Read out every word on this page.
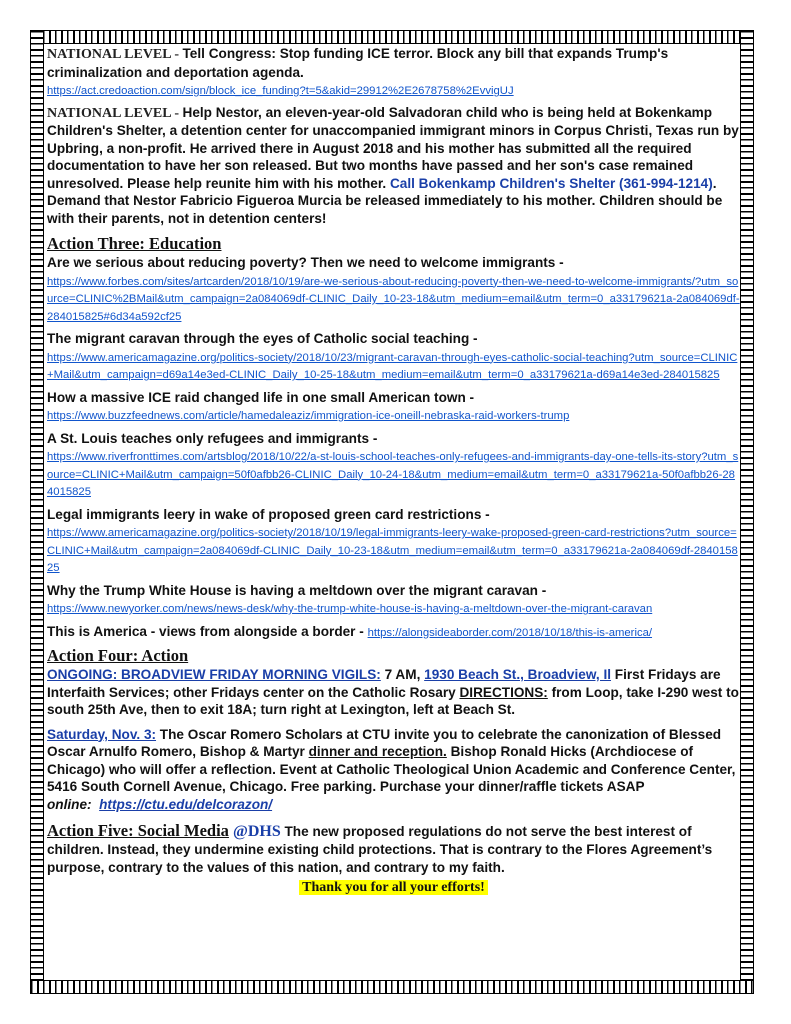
NATIONAL LEVEL - Tell Congress: Stop funding ICE terror. Block any bill that expands Trump's criminalization and deportation agenda.
https://act.credoaction.com/sign/block_ice_funding?t=5&akid=29912%2E2678758%2EvvigUJ
NATIONAL LEVEL - Help Nestor, an eleven-year-old Salvadoran child who is being held at Bokenkamp Children's Shelter, a detention center for unaccompanied immigrant minors in Corpus Christi, Texas run by Upbring, a non-profit. He arrived there in August 2018 and his mother has submitted all the required documentation to have her son released. But two months have passed and her son's case remained unresolved. Please help reunite him with his mother. Call Bokenkamp Children's Shelter (361-994-1214). Demand that Nestor Fabricio Figueroa Murcia be released immediately to his mother. Children should be with their parents, not in detention centers!
Action Three: Education
Are we serious about reducing poverty? Then we need to welcome immigrants -
https://www.forbes.com/sites/artcarden/2018/10/19/are-we-serious-about-reducing-poverty-then-we-need-to-welcome-immigrants/?utm_source=CLINIC%2BMail&utm_campaign=2a084069df-CLINIC_Daily_10-23-18&utm_medium=email&utm_term=0_a33179621a-2a084069df-284015825#6d34a592cf25
The migrant caravan through the eyes of Catholic social teaching -
https://www.americamagazine.org/politics-society/2018/10/23/migrant-caravan-through-eyes-catholic-social-teaching?utm_source=CLINIC+Mail&utm_campaign=d69a14e3ed-CLINIC_Daily_10-25-18&utm_medium=email&utm_term=0_a33179621a-d69a14e3ed-284015825
How a massive ICE raid changed life in one small American town -
https://www.buzzfeednews.com/article/hamedaleaziz/immigration-ice-oneill-nebraska-raid-workers-trump
A St. Louis teaches only refugees and immigrants -
https://www.riverfronttimes.com/artsblog/2018/10/22/a-st-louis-school-teaches-only-refugees-and-immigrants-day-one-tells-its-story?utm_source=CLINIC+Mail&utm_campaign=50f0afbb26-CLINIC_Daily_10-24-18&utm_medium=email&utm_term=0_a33179621a-50f0afbb26-284015825
Legal immigrants leery in wake of proposed green card restrictions -
https://www.americamagazine.org/politics-society/2018/10/19/legal-immigrants-leery-wake-proposed-green-card-restrictions?utm_source=CLINIC+Mail&utm_campaign=2a084069df-CLINIC_Daily_10-23-18&utm_medium=email&utm_term=0_a33179621a-2a084069df-284015825
Why the Trump White House is having a meltdown over the migrant caravan -
https://www.newyorker.com/news/news-desk/why-the-trump-white-house-is-having-a-meltdown-over-the-migrant-caravan
This is America - views from alongside a border - https://alongsideaborder.com/2018/10/18/this-is-america/
Action Four: Action
ONGOING: BROADVIEW FRIDAY MORNING VIGILS: 7 AM, 1930 Beach St., Broadview, Il First Fridays are Interfaith Services; other Fridays center on the Catholic Rosary DIRECTIONS: from Loop, take I-290 west to south 25th Ave, then to exit 18A; turn right at Lexington, left at Beach St.
Saturday, Nov. 3: The Oscar Romero Scholars at CTU invite you to celebrate the canonization of Blessed Oscar Arnulfo Romero, Bishop & Martyr dinner and reception. Bishop Ronald Hicks (Archdiocese of Chicago) who will offer a reflection. Event at Catholic Theological Union Academic and Conference Center, 5416 South Cornell Avenue, Chicago. Free parking. Purchase your dinner/raffle tickets ASAP online: https://ctu.edu/delcorazon/
Action Five: Social Media @DHS The new proposed regulations do not serve the best interest of children. Instead, they undermine existing child protections. That is contrary to the Flores Agreement’s purpose, contrary to the values of this nation, and contrary to my faith.
Thank you for all your efforts!
